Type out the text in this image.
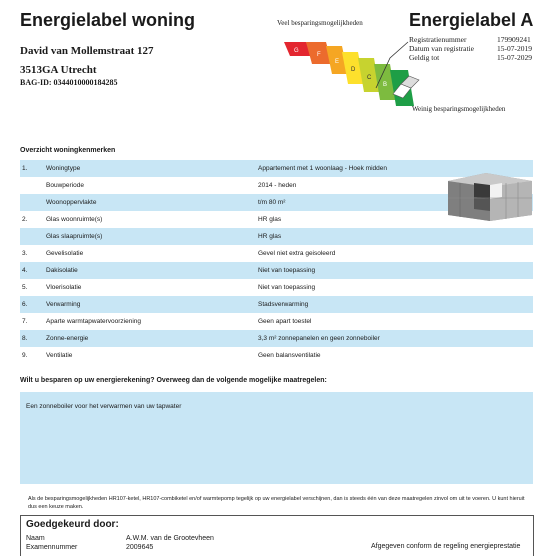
Energielabel woning
David van Mollemstraat 127
3513GA Utrecht
BAG-ID: 0344010000184285
Veel besparingsmogelijkheden
G
F
E
D
C
B
Weinig besparingsmogelijkheden
Energielabel A
Registratienummer	179909241
Datum van registratie	15-07-2019
Geldig tot	15-07-2029
Overzicht woningkenmerken
1.	Woningtype	Appartement met 1 woonlaag - Hoek midden
Bouwperiode	2014 - heden
Woonoppervlakte	t/m 80 m²
2.	Glas woonruimte(s)	HR glas
Glas slaapruimte(s)	HR glas
3.	Gevelisolatie	Gevel niet extra geisoleerd
4.	Dakisolatie	Niet van toepassing
5.	Vloerisolatie	Niet van toepassing
6.	Verwarming	Stadsverwarming
7.	Aparte warmtapwatervoorziening	Geen apart toestel
8.	Zonne-energie	3,3 m² zonnepanelen en geen zonneboiler
9.	Ventilatie	Geen balansventilatie
Wilt u besparen op uw energierekening? Overweeg dan de volgende mogelijke maatregelen:
Een zonneboiler voor het verwarmen van uw tapwater
Als de besparingsmogelijkheden HR107-ketel, HR107-combiketel en/of warmtepomp tegelijk op uw energielabel verschijnen, dan is steeds één van deze maatregelen zinvol om uit te voeren. U kunt hieruit dus een keuze maken.
Goedgekeurd door:
Naam	A.W.M. van de Grootevheen
Examennummer	2009645	Afgegeven conform de regeling energieprestatie
